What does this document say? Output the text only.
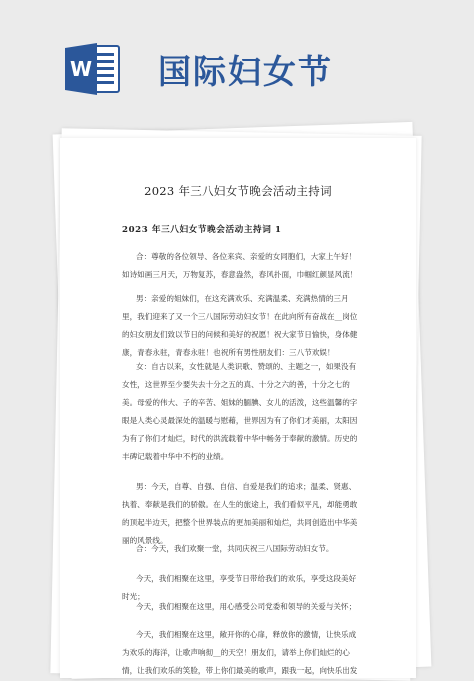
W 国际妇女节
2023 年三八妇女节晚会活动主持词
2023 年三八妇女节晚会活动主持词 1

合：尊敬的各位领导、各位来宾、亲爱的女同胞们，大家上午好！如诗如画三月天，万物复苏，春意盎然，春风扑面，巾帼红颜显风流！

男：亲爱的姐妹们，在这充满欢乐、充满温柔、充满热情的三月里，我们迎来了又一个三八国际劳动妇女节！在此向所有奋战在__岗位的妇女朋友们致以节日的问候和美好的祝愿！祝大家节日愉快，身体健康，青春永驻，青春永驻！也祝所有男性朋友们：三八节欢娱！

女：自古以来，女性就是人类识歌、赞颂的、主题之一，如果没有女性，这世界至少要失去十分之五的真、十分之六的善，十分之七的美。母爱的伟大、子的辛苦、姐妹的腼腆、女儿的活泼，这些温馨的字眼是人类心灵最深处的温暖与慰藉，世界因为有了你们才美丽，太阳因为有了你们才灿烂，时代的洪流载着中华中畅务于奉献的激情。历史的丰碑记载着中华中不朽的业绩。

男：今天，自尊、自强、自信、自爱是我们的追求；温柔、贤惠、执着、奉献是我们的骄傲。在人生的旅途上，我们看似平凡，却能勇敢的顶起半边天，把整个世界装点的更加美丽和灿烂，共同创造出中华美丽的风景线。

合：今天，我们欢聚一堂，共同庆祝三八国际劳动妇女节。

今天，我们相聚在这里，享受节日带给我们的欢乐，享受这段美好时光；

今天，我们相聚在这里，用心感受公司党委和领导的关爱与关怀；

今天，我们相聚在这里，敞开你的心扉，释放你的激情，让快乐成为欢乐的海洋，让歌声响彻__的天空！朋友们，请举上你们灿烂的心情，让我们欢乐的笑脸，带上你们最美的歌声，跟我一起，向快乐出发
